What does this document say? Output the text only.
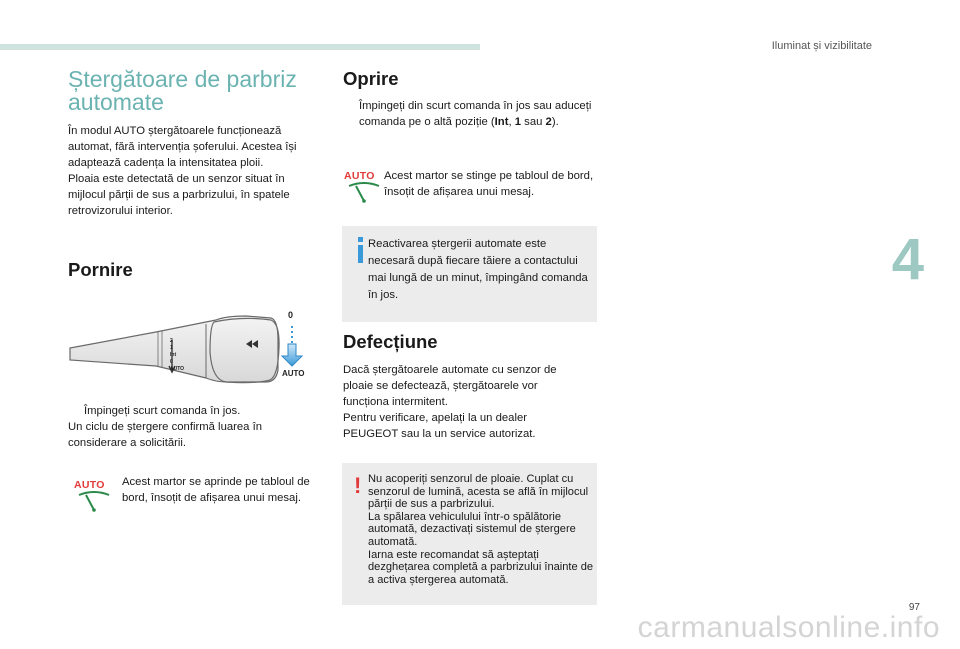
Iluminat și vizibilitate
4
Ștergătoare de parbriz automate
În modul AUTO ștergătoarele funcționează automat, fără intervenția șoferului. Acestea își adaptează cadența la intensitatea ploii.
Ploaia este detectată de un senzor situat în mijlocul părții de sus a parbrizului, în spatele retrovizorului interior.
Pornire
0
AUTO
2
1
Int
0
AUTO
Împingeți scurt comanda în jos.
Un ciclu de ștergere confirmă luarea în considerare a solicitării.
AUTO Acest martor se aprinde pe tabloul de bord, însoțit de afișarea unui mesaj.
Oprire
Împingeți din scurt comanda în jos sau aduceți comanda pe o altă poziție (Int, 1 sau 2).
AUTO Acest martor se stinge pe tabloul de bord, însoțit de afișarea unui mesaj.
Reactivarea ștergerii automate este necesară după fiecare tăiere a contactului mai lungă de un minut, împingând comanda în jos.
Defecțiune
Dacă ștergătoarele automate cu senzor de ploaie se defectează, ștergătoarele vor funcționa intermitent.
Pentru verificare, apelați la un dealer PEUGEOT sau la un service autorizat.
! Nu acoperiți senzorul de ploaie. Cuplat cu senzorul de lumină, acesta se află în mijlocul părții de sus a parbrizului.
La spălarea vehiculului într-o spălătorie automată, dezactivați sistemul de ștergere automată.
Iarna este recomandat să așteptați dezghețarea completă a parbrizului înainte de a activa ștergerea automată.
97
carmanualsonline.info
